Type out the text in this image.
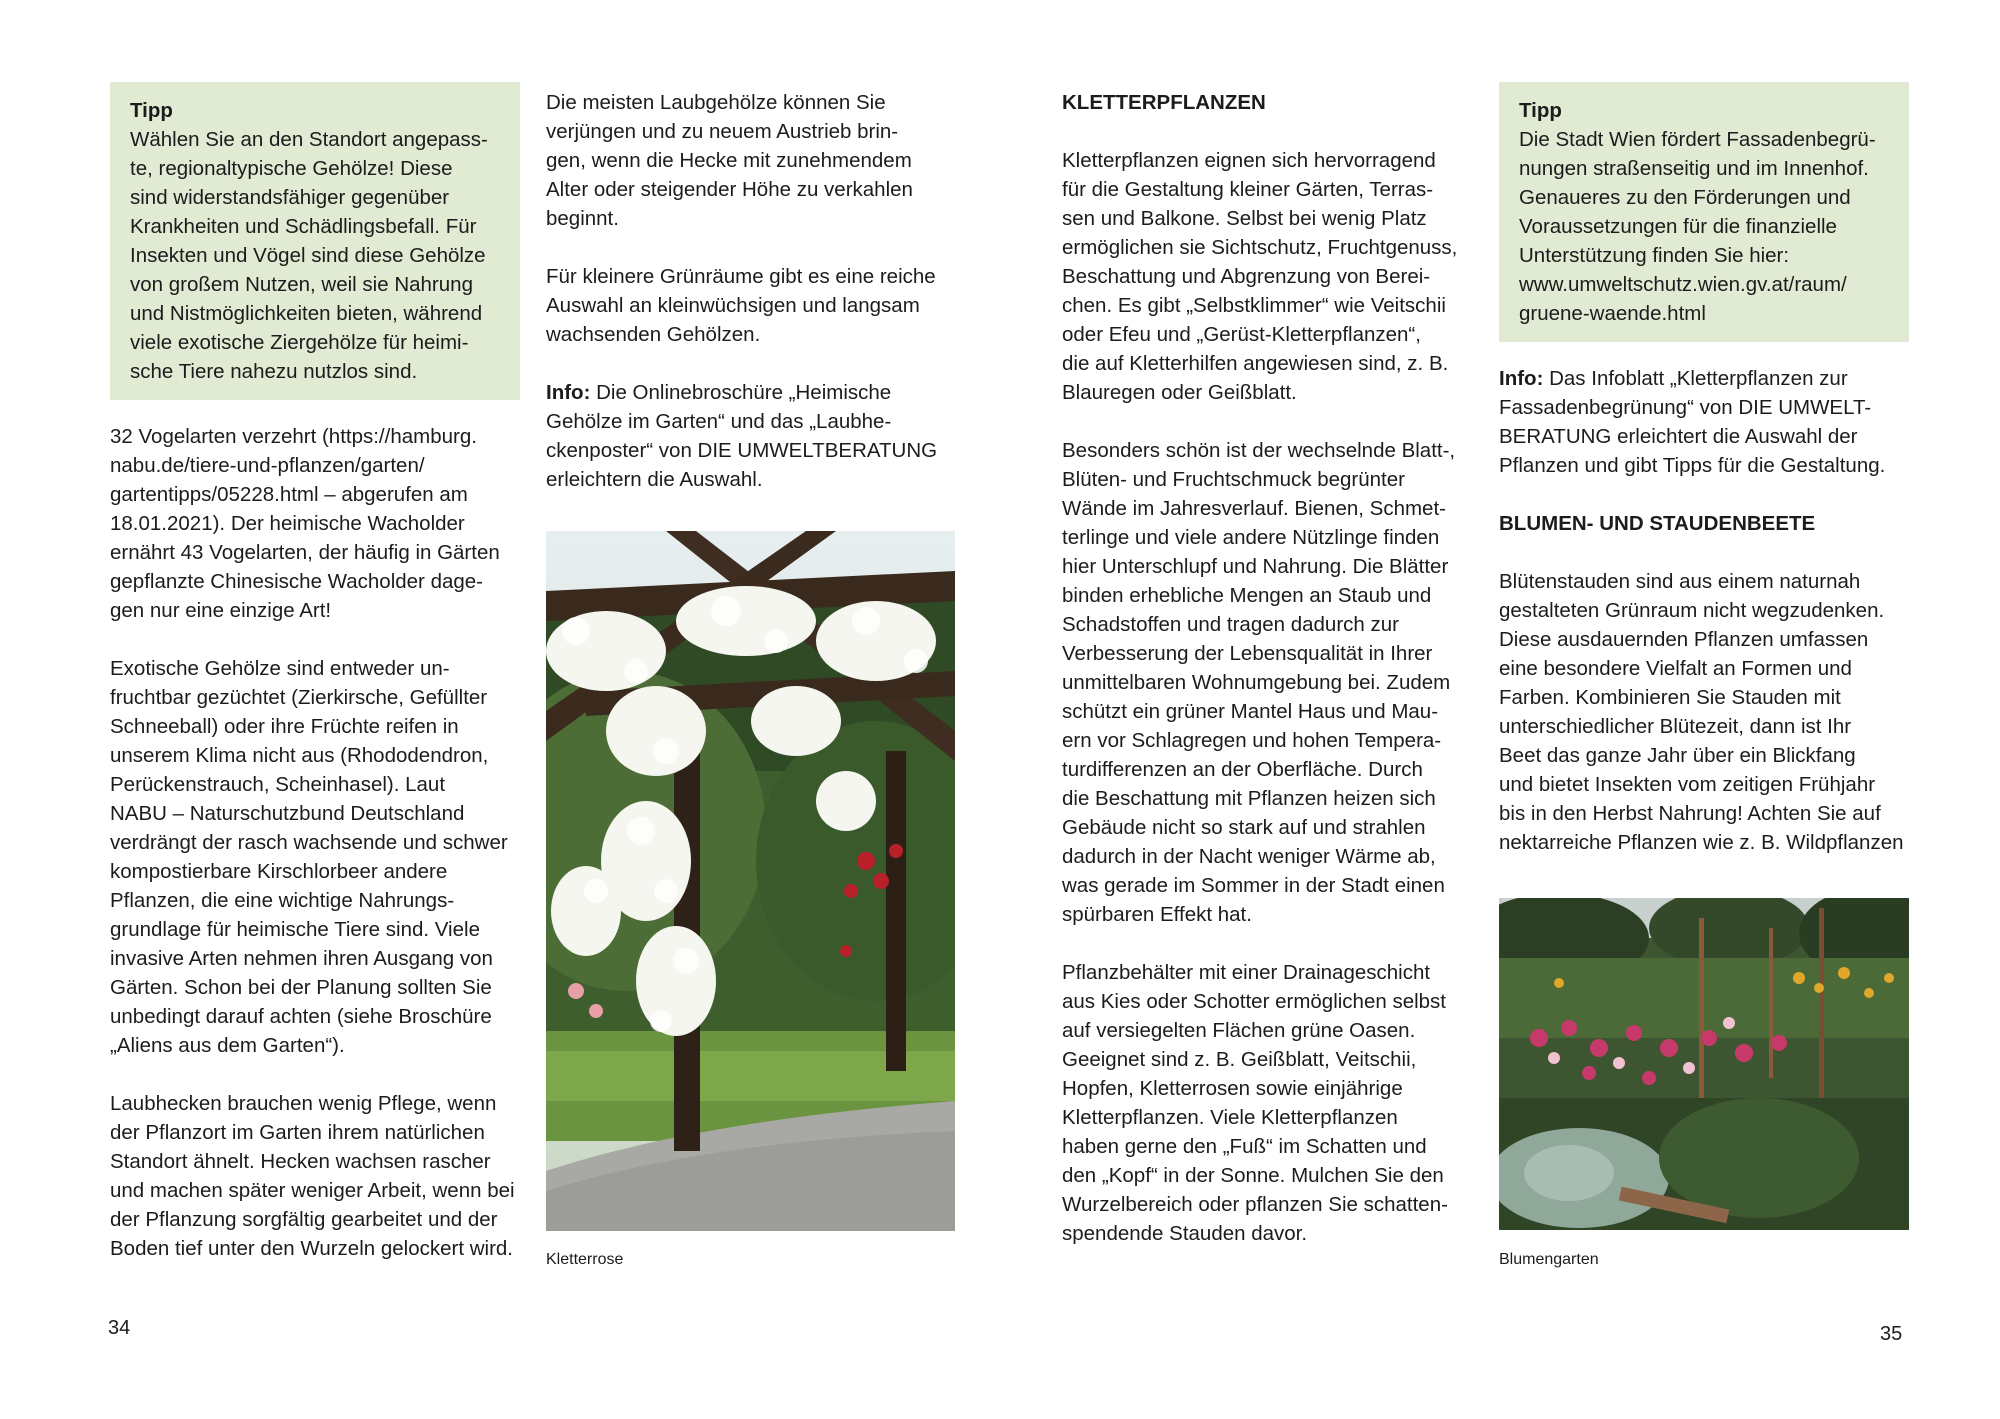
Tipp

Wählen Sie an den Standort angepass-

te, regionaltypische Gehölze! Diese

sind widerstandsfähiger gegenüber

Krankheiten und Schädlingsbefall. Für

Insekten und Vögel sind diese Gehölze

von großem Nutzen, weil sie Nahrung

und Nistmöglichkeiten bieten, während

viele exotische Ziergehölze für heimi-

sche Tiere nahezu nutzlos sind.

32 Vogelarten verzehrt (https://hamburg.

nabu.de/tiere-und-pflanzen/garten/

gartentipps/05228.html – abgerufen am

18.01.2021). Der heimische Wacholder

ernährt 43 Vogelarten, der häufig in Gärten

gepflanzte Chinesische Wacholder dage-

gen nur eine einzige Art!

Exotische Gehölze sind entweder un-

fruchtbar gezüchtet (Zierkirsche, Gefüllter

Schneeball) oder ihre Früchte reifen in

unserem Klima nicht aus (Rhododendron,

Perückenstrauch, Scheinhasel). Laut

NABU – Naturschutzbund Deutschland

verdrängt der rasch wachsende und schwer

kompostierbare Kirschlorbeer andere

Pflanzen, die eine wichtige Nahrungs-

grundlage für heimische Tiere sind. Viele

invasive Arten nehmen ihren Ausgang von

Gärten. Schon bei der Planung sollten Sie

unbedingt darauf achten (siehe Broschüre

„Aliens aus dem Garten“).

Laubhecken brauchen wenig Pflege, wenn

der Pflanzort im Garten ihrem natürlichen

Standort ähnelt. Hecken wachsen rascher

und machen später weniger Arbeit, wenn bei

der Pflanzung sorgfältig gearbeitet und der

Boden tief unter den Wurzeln gelockert wird.

Die meisten Laubgehölze können Sie

verjüngen und zu neuem Austrieb brin-

gen, wenn die Hecke mit zunehmendem

Alter oder steigender Höhe zu verkahlen

beginnt.

Für kleinere Grünräume gibt es eine reiche

Auswahl an kleinwüchsigen und langsam

wachsenden Gehölzen.

Info: Die Onlinebroschüre „Heimische

Gehölze im Garten“ und das „Laubhe-

ckenposter“ von DIE UMWELTBERATUNG

erleichtern die Auswahl.

Kletterrose

KLETTERPFLANZEN

Kletterpflanzen eignen sich hervorragend

für die Gestaltung kleiner Gärten, Terras-

sen und Balkone. Selbst bei wenig Platz

ermöglichen sie Sichtschutz, Fruchtgenuss,

Beschattung und Abgrenzung von Berei-

chen. Es gibt „Selbstklimmer“ wie Veitschii

oder Efeu und „Gerüst-Kletterpflanzen“,

die auf Kletterhilfen angewiesen sind, z. B.

Blauregen oder Geißblatt.

Besonders schön ist der wechselnde Blatt-,

Blüten- und Fruchtschmuck begrünter

Wände im Jahresverlauf. Bienen, Schmet-

terlinge und viele andere Nützlinge finden

hier Unterschlupf und Nahrung. Die Blätter

binden erhebliche Mengen an Staub und

Schadstoffen und tragen dadurch zur

Verbesserung der Lebensqualität in Ihrer

unmittelbaren Wohnumgebung bei. Zudem

schützt ein grüner Mantel Haus und Mau-

ern vor Schlagregen und hohen Tempera-

turdifferenzen an der Oberfläche. Durch

die Beschattung mit Pflanzen heizen sich

Gebäude nicht so stark auf und strahlen

dadurch in der Nacht weniger Wärme ab,

was gerade im Sommer in der Stadt einen

spürbaren Effekt hat.

Pflanzbehälter mit einer Drainageschicht

aus Kies oder Schotter ermöglichen selbst

auf versiegelten Flächen grüne Oasen.

Geeignet sind z. B. Geißblatt, Veitschii,

Hopfen, Kletterrosen sowie einjährige

Kletterpflanzen. Viele Kletterpflanzen

haben gerne den „Fuß“ im Schatten und

den „Kopf“ in der Sonne. Mulchen Sie den

Wurzelbereich oder pflanzen Sie schatten-

spendende Stauden davor.

Tipp

Die Stadt Wien fördert Fassadenbegrü-

nungen straßenseitig und im Innenhof.

Genaueres zu den Förderungen und

Voraussetzungen für die finanzielle

Unterstützung finden Sie hier:

www.umweltschutz.wien.gv.at/raum/

gruene-waende.html

Info: Das Infoblatt „Kletterpflanzen zur

Fassadenbegrünung“ von DIE UMWELT-

BERATUNG erleichtert die Auswahl der

Pflanzen und gibt Tipps für die Gestaltung.

BLUMEN- UND STAUDENBEETE

Blütenstauden sind aus einem naturnah

gestalteten Grünraum nicht wegzudenken.

Diese ausdauernden Pflanzen umfassen

eine besondere Vielfalt an Formen und

Farben. Kombinieren Sie Stauden mit

unterschiedlicher Blütezeit, dann ist Ihr

Beet das ganze Jahr über ein Blickfang

und bietet Insekten vom zeitigen Frühjahr

bis in den Herbst Nahrung! Achten Sie auf

nektarreiche Pflanzen wie z. B. Wildpflanzen

Blumengarten
34	35
